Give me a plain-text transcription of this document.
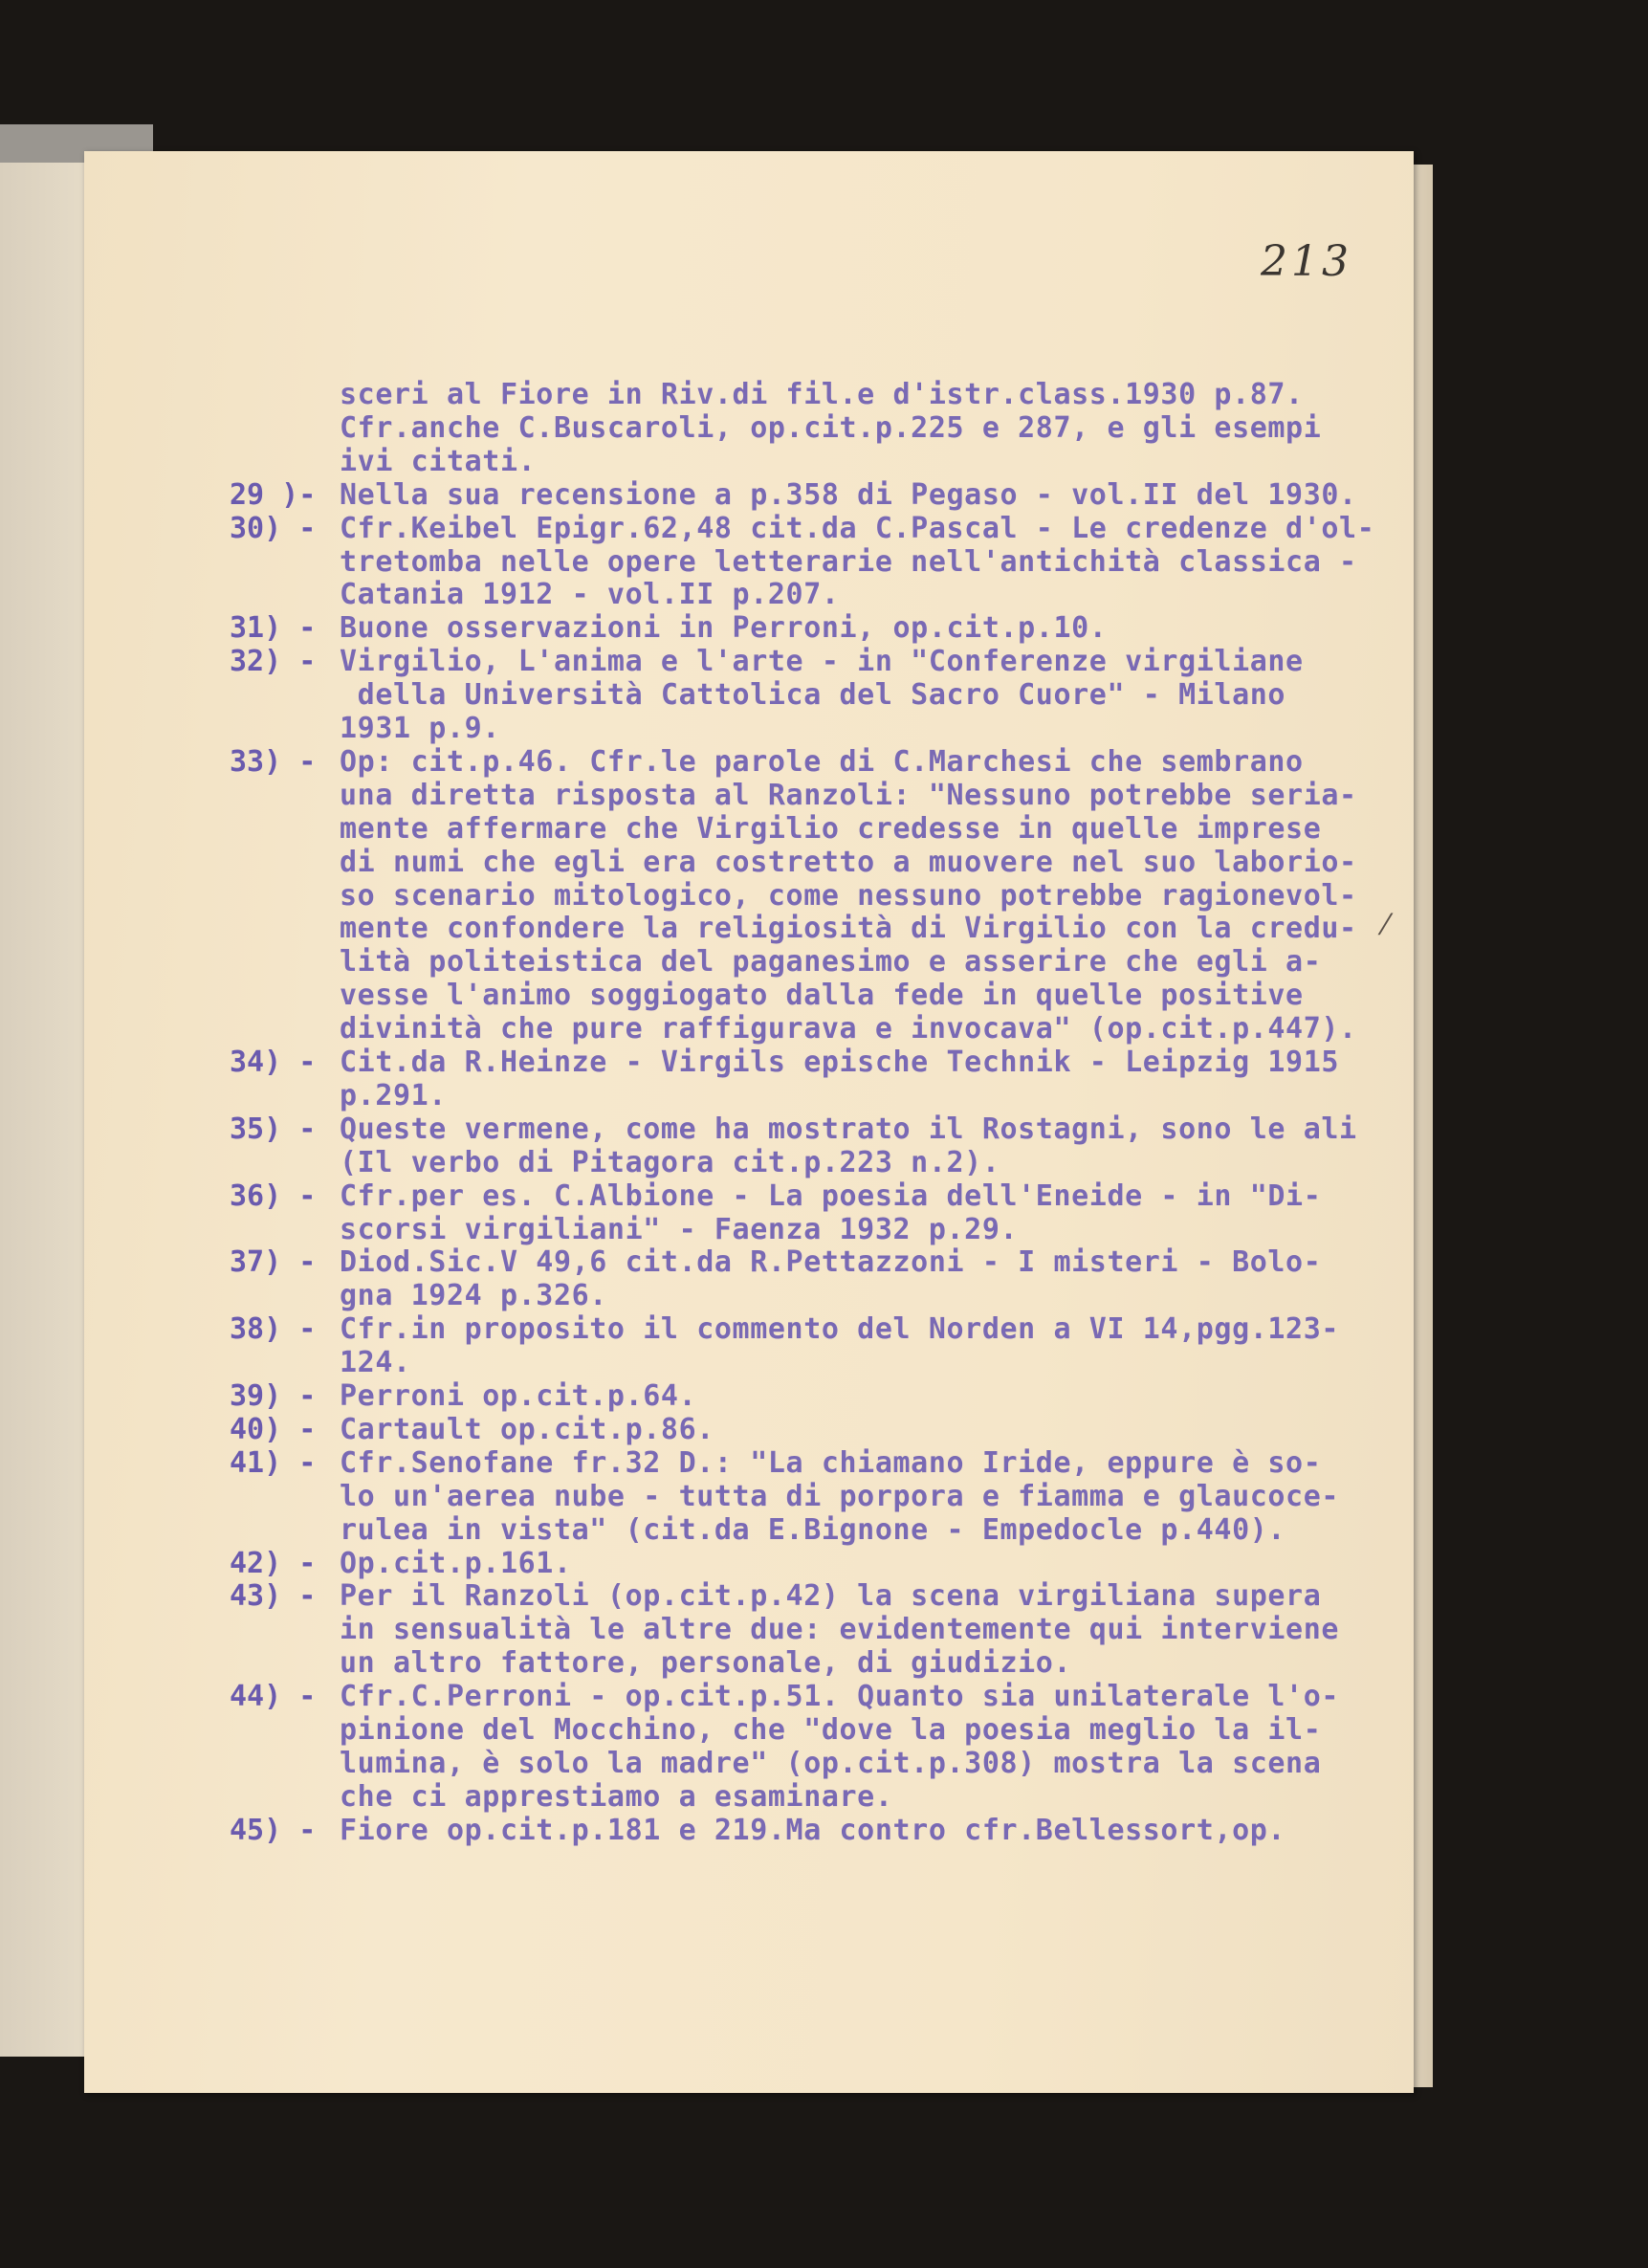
213
sceri al Fiore in Riv.di fil.e d'istr.class.1930 p.87.
Cfr.anche C.Buscaroli, op.cit.p.225 e 287, e gli esempi
ivi citati.
29 )- Nella sua recensione a p.358 di Pegaso - vol.II del 1930.
30) - Cfr.Keibel Epigr.62,48 cit.da C.Pascal - Le credenze d'ol-
tretomba nelle opere letterarie nell'antichità classica -
Catania 1912 - vol.II p.207.
31) - Buone osservazioni in Perroni, op.cit.p.10.
32) - Virgilio, L'anima e l'arte - in "Conferenze virgiliane
della Università Cattolica del Sacro Cuore" - Milano
1931 p.9.
33) - Op: cit.p.46. Cfr.le parole di C.Marchesi che sembrano
una diretta risposta al Ranzoli: "Nessuno potrebbe seria-
mente affermare che Virgilio credesse in quelle imprese
di numi che egli era costretto a muovere nel suo laborio-
so scenario mitologico, come nessuno potrebbe ragionevol-
mente confondere la religiosità di Virgilio con la credu-
lità politeistica del paganesimo e asserire che egli a-
vesse l'animo soggiogato dalla fede in quelle positive
divinità che pure raffigurava e invocava" (op.cit.p.447).
34) - Cit.da R.Heinze - Virgils epische Technik - Leipzig 1915
p.291.
35) - Queste vermene, come ha mostrato il Rostagni, sono le ali
(Il verbo di Pitagora cit.p.223 n.2).
36) - Cfr.per es. C.Albione - La poesia dell'Eneide - in "Di-
scorsi virgiliani" - Faenza 1932 p.29.
37) - Diod.Sic.V 49,6 cit.da R.Pettazzoni - I misteri - Bolo-
gna 1924 p.326.
38) - Cfr.in proposito il commento del Norden a VI 14,pgg.123-
124.
39) - Perroni op.cit.p.64.
40) - Cartault op.cit.p.86.
41) - Cfr.Senofane fr.32 D.: "La chiamano Iride, eppure è so-
lo un'aerea nube - tutta di porpora e fiamma e glaucoce-
rulea in vista" (cit.da E.Bignone - Empedocle p.440).
42) - Op.cit.p.161.
43) - Per il Ranzoli (op.cit.p.42) la scena virgiliana supera
in sensualità le altre due: evidentemente qui interviene
un altro fattore, personale, di giudizio.
44) - Cfr.C.Perroni - op.cit.p.51. Quanto sia unilaterale l'o-
pinione del Mocchino, che "dove la poesia meglio la il-
lumina, è solo la madre" (op.cit.p.308) mostra la scena
che ci apprestiamo a esaminare.
45) - Fiore op.cit.p.181 e 219.Ma contro cfr.Bellessort,op.
⁄
